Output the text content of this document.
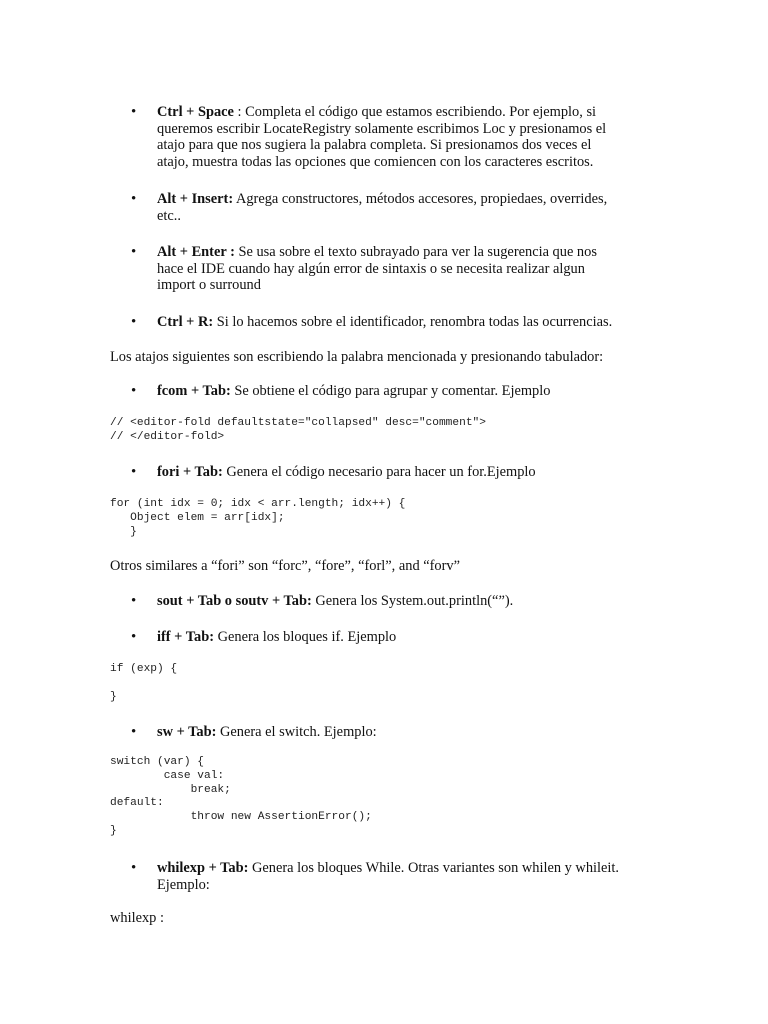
• Ctrl + Space : Completa el código que estamos escribiendo. Por ejemplo, si
queremos escribir LocateRegistry solamente escribimos Loc y presionamos el
atajo para que nos sugiera la palabra completa. Si presionamos dos veces el
atajo, muestra todas las opciones que comiencen con los caracteres escritos.
• Alt + Insert: Agrega constructores, métodos accesores, propiedaes, overrides,
etc..
• Alt + Enter : Se usa sobre el texto subrayado para ver la sugerencia que nos
hace el IDE cuando hay algún error de sintaxis o se necesita realizar algun
import o surround
• Ctrl + R: Si lo hacemos sobre el identificador, renombra todas las ocurrencias.
Los atajos siguientes son escribiendo la palabra mencionada y presionando tabulador:
• fcom + Tab: Se obtiene el código para agrupar y comentar. Ejemplo
// <editor-fold defaultstate="collapsed" desc="comment">
// </editor-fold>
• fori + Tab: Genera el código necesario para hacer un for.Ejemplo
for (int idx = 0; idx < arr.length; idx++) {
Object elem = arr[idx];
}
Otros similares a “fori” son “forc”, “fore”, “forl”, and “forv”
• sout + Tab o soutv + Tab: Genera los System.out.println(“”).
• iff + Tab: Genera los bloques if. Ejemplo
if (exp) {

}
• sw + Tab: Genera el switch. Ejemplo:
switch (var) {
case val:
break;
default:
throw new AssertionError();
}
• whilexp + Tab: Genera los bloques While. Otras variantes son whilen y whileit.
Ejemplo:
whilexp :
